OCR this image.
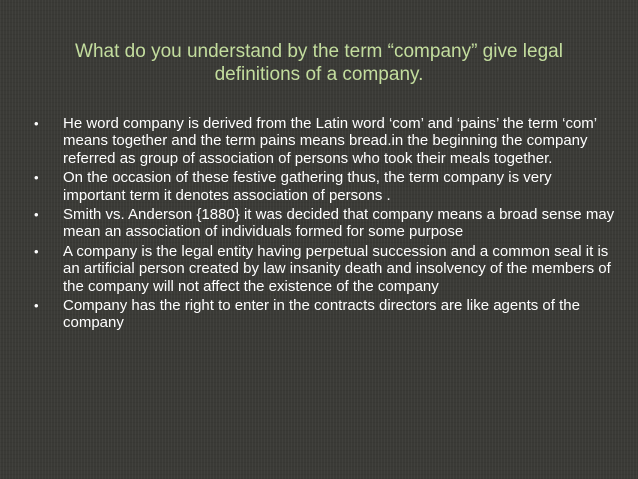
What do you understand by the term “company” give legal definitions of a company.
• He word company is derived from the Latin word ‘com’ and ‘pains’ the term ‘com’ means together and the term pains means bread.in the beginning the company referred as group of association of persons who took their meals together.
• On the occasion of these festive gathering thus, the term company is very important term it denotes association of persons .
• Smith vs. Anderson {1880} it was decided that company means a broad sense may mean an association of individuals formed for some purpose
• A company is the legal entity having perpetual succession and a common seal it is an artificial person created by law insanity death and insolvency of the members of the company will not affect the existence of the company
• Company has the right to enter in the contracts directors are like agents of the company
